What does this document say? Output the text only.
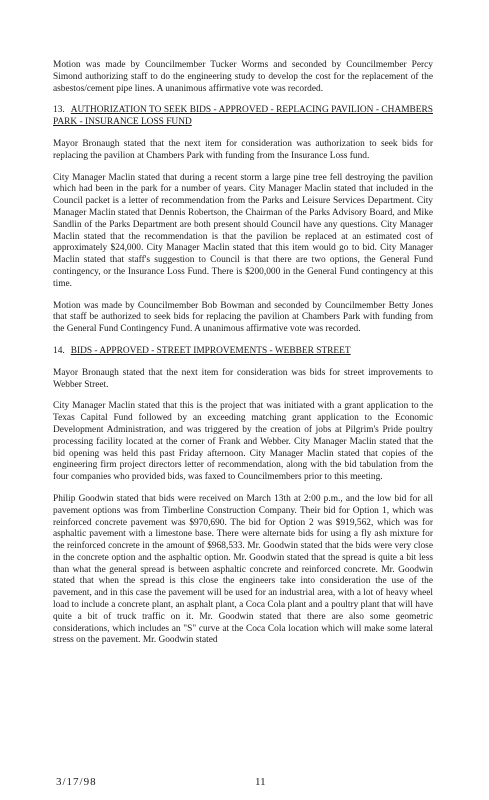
Motion was made by Councilmember Tucker Worms and seconded by Councilmember Percy Simond authorizing staff to do the engineering study to develop the cost for the replacement of the asbestos/cement pipe lines. A unanimous affirmative vote was recorded.

13. AUTHORIZATION TO SEEK BIDS - APPROVED - REPLACING PAVILION - CHAMBERS PARK - INSURANCE LOSS FUND

Mayor Bronaugh stated that the next item for consideration was authorization to seek bids for replacing the pavilion at Chambers Park with funding from the Insurance Loss fund.

City Manager Maclin stated that during a recent storm a large pine tree fell destroying the pavilion which had been in the park for a number of years. City Manager Maclin stated that included in the Council packet is a letter of recommendation from the Parks and Leisure Services Department. City Manager Maclin stated that Dennis Robertson, the Chairman of the Parks Advisory Board, and Mike Sandlin of the Parks Department are both present should Council have any questions. City Manager Maclin stated that the recommendation is that the pavilion be replaced at an estimated cost of approximately $24,000. City Manager Maclin stated that this item would go to bid. City Manager Maclin stated that staff's suggestion to Council is that there are two options, the General Fund contingency, or the Insurance Loss Fund. There is $200,000 in the General Fund contingency at this time.

Motion was made by Councilmember Bob Bowman and seconded by Councilmember Betty Jones that staff be authorized to seek bids for replacing the pavilion at Chambers Park with funding from the General Fund Contingency Fund. A unanimous affirmative vote was recorded.

14. BIDS - APPROVED - STREET IMPROVEMENTS - WEBBER STREET

Mayor Bronaugh stated that the next item for consideration was bids for street improvements to Webber Street.

City Manager Maclin stated that this is the project that was initiated with a grant application to the Texas Capital Fund followed by an exceeding matching grant application to the Economic Development Administration, and was triggered by the creation of jobs at Pilgrim's Pride poultry processing facility located at the corner of Frank and Webber. City Manager Maclin stated that the bid opening was held this past Friday afternoon. City Manager Maclin stated that copies of the engineering firm project directors letter of recommendation, along with the bid tabulation from the four companies who provided bids, was faxed to Councilmembers prior to this meeting.

Philip Goodwin stated that bids were received on March 13th at 2:00 p.m., and the low bid for all pavement options was from Timberline Construction Company. Their bid for Option 1, which was reinforced concrete pavement was $970,690. The bid for Option 2 was $919,562, which was for asphaltic pavement with a limestone base. There were alternate bids for using a fly ash mixture for the reinforced concrete in the amount of $968,533. Mr. Goodwin stated that the bids were very close in the concrete option and the asphaltic option. Mr. Goodwin stated that the spread is quite a bit less than what the general spread is between asphaltic concrete and reinforced concrete. Mr. Goodwin stated that when the spread is this close the engineers take into consideration the use of the pavement, and in this case the pavement will be used for an industrial area, with a lot of heavy wheel load to include a concrete plant, an asphalt plant, a Coca Cola plant and a poultry plant that will have quite a bit of truck traffic on it. Mr. Goodwin stated that there are also some geometric considerations, which includes an "S" curve at the Coca Cola location which will make some lateral stress on the pavement. Mr. Goodwin stated

3/17/98	11
